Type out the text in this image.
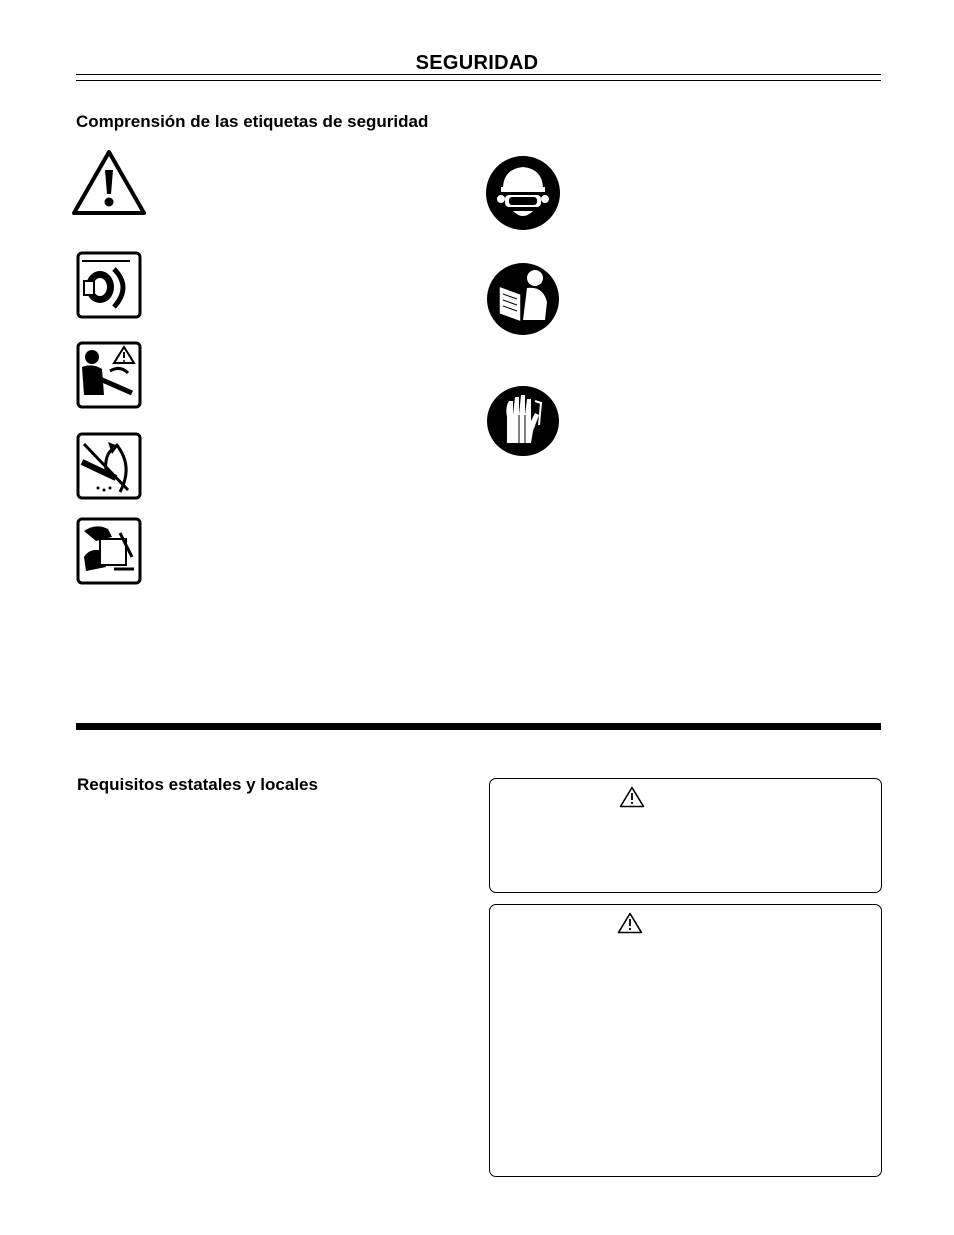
SEGURIDAD
Comprensión de las etiquetas de seguridad
Requisitos estatales y locales
